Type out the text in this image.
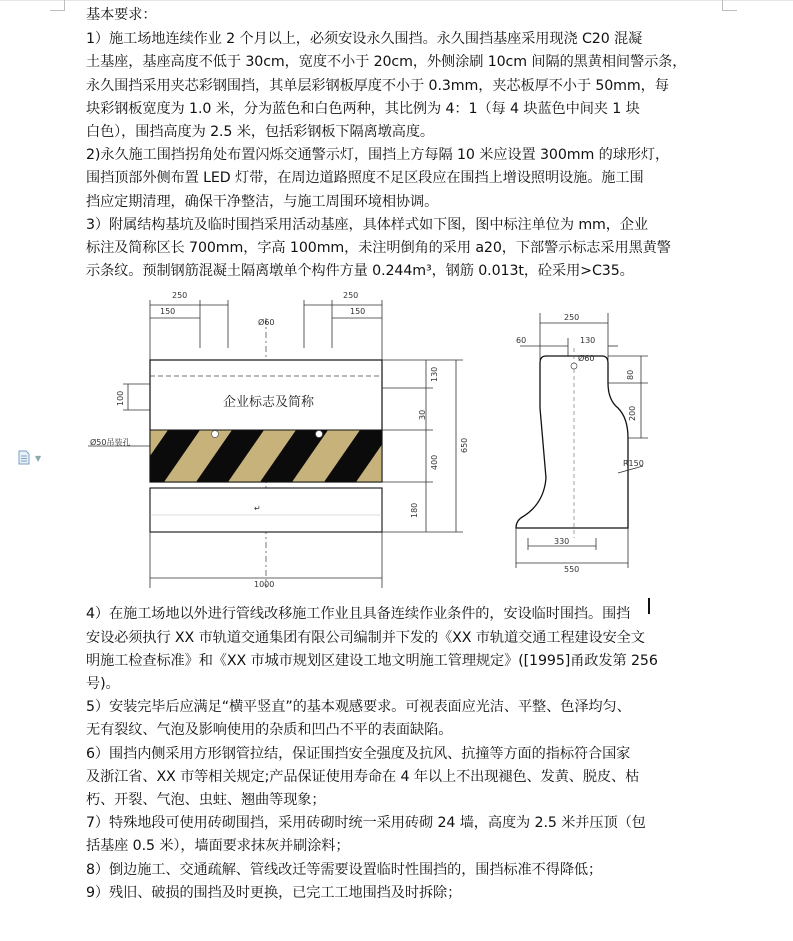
▼

基本要求：

1）施工场地连续作业 2 个月以上，必须安设永久围挡。永久围挡基座采用现浇 C20 混凝

土基座，基座高度不低于 30cm，宽度不小于 20cm，外侧涂刷 10cm 间隔的黑黄相间警示条，

永久围挡采用夹芯彩钢围挡，其单层彩钢板厚度不小于 0.3mm，夹芯板厚不小于 50mm，每

块彩钢板宽度为 1.0 米，分为蓝色和白色两种，其比例为 4：1（每 4 块蓝色中间夹 1 块

白色），围挡高度为 2.5 米，包括彩钢板下隔离墩高度。

2)永久施工围挡拐角处布置闪烁交通警示灯，围挡上方每隔 10 米应设置 300mm 的球形灯，

围挡顶部外侧布置 LED 灯带，在周边道路照度不足区段应在围挡上增设照明设施。施工围

挡应定期清理，确保干净整洁，与施工周围环境相协调。

3）附属结构基坑及临时围挡采用活动基座，具体样式如下图，图中标注单位为 mm，企业

标注及简称区长 700mm，字高 100mm，未注明倒角的采用 a20，下部警示标志采用黑黄警

示条纹。预制钢筋混凝土隔离墩单个构件方量 0.244m³，钢筋 0.013t，砼采用>C35。

250
150
250
150
Ø60
100
Ø50吊装孔
企业标志及简称
130
30
400
650
180
1000
↵
250
60	130
Ø60
80
200
R150
330
550

4）在施工场地以外进行管线改移施工作业且具备连续作业条件的，安设临时围挡。围挡

安设必须执行 XX 市轨道交通集团有限公司编制并下发的《XX 市轨道交通工程建设安全文

明施工检查标准》和《XX 市城市规划区建设工地文明施工管理规定》([1995]甬政发第 256

号)。

5）安装完毕后应满足“横平竖直”的基本观感要求。可视表面应光洁、平整、色泽均匀、

无有裂纹、气泡及影响使用的杂质和凹凸不平的表面缺陷。

6）围挡内侧采用方形钢管拉结，保证围挡安全强度及抗风、抗撞等方面的指标符合国家

及浙江省、XX 市等相关规定;产品保证使用寿命在 4 年以上不出现褪色、发黄、脱皮、枯

朽、开裂、气泡、虫蛀、翘曲等现象；

7）特殊地段可使用砖砌围挡，采用砖砌时统一采用砖砌 24 墙，高度为 2.5 米并压顶（包

括基座 0.5 米），墙面要求抹灰并刷涂料；

8）倒边施工、交通疏解、管线改迁等需要设置临时性围挡的，围挡标准不得降低；

9）残旧、破损的围挡及时更换，已完工工地围挡及时拆除；
